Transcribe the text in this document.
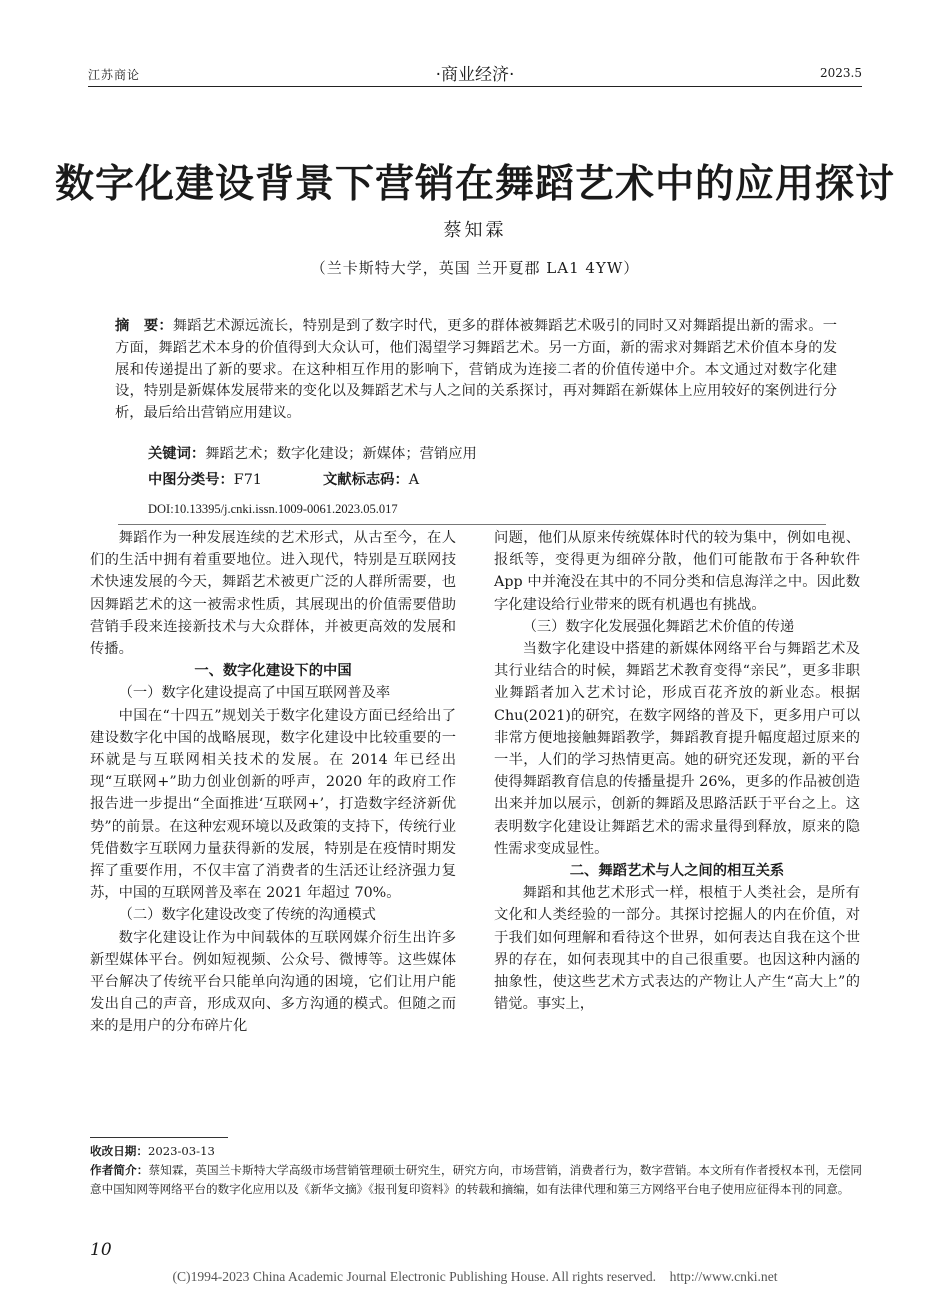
江苏商论	·商业经济·	2023.5
数字化建设背景下营销在舞蹈艺术中的应用探讨
蔡知霖
（兰卡斯特大学，英国 兰开夏郡 LA1 4YW）
摘　要：舞蹈艺术源远流长，特别是到了数字时代，更多的群体被舞蹈艺术吸引的同时又对舞蹈提出新的需求。一方面，舞蹈艺术本身的价值得到大众认可，他们渴望学习舞蹈艺术。另一方面，新的需求对舞蹈艺术价值本身的发展和传递提出了新的要求。在这种相互作用的影响下，营销成为连接二者的价值传递中介。本文通过对数字化建设，特别是新媒体发展带来的变化以及舞蹈艺术与人之间的关系探讨，再对舞蹈在新媒体上应用较好的案例进行分析，最后给出营销应用建议。
关键词：舞蹈艺术；数字化建设；新媒体；营销应用
中图分类号：F71	文献标志码：A
DOI:10.13395/j.cnki.issn.1009-0061.2023.05.017

舞蹈作为一种发展连续的艺术形式，从古至今，在人们的生活中拥有着重要地位。进入现代，特别是互联网技术快速发展的今天，舞蹈艺术被更广泛的人群所需要，也因舞蹈艺术的这一被需求性质，其展现出的价值需要借助营销手段来连接新技术与大众群体，并被更高效的发展和传播。

一、数字化建设下的中国
（一）数字化建设提高了中国互联网普及率

中国在“十四五”规划关于数字化建设方面已经给出了建设数字化中国的战略展现，数字化建设中比较重要的一环就是与互联网相关技术的发展。在 2014 年已经出现“互联网+”助力创业创新的呼声，2020 年的政府工作报告进一步提出“全面推进‘互联网+’，打造数字经济新优势”的前景。在这种宏观环境以及政策的支持下，传统行业凭借数字互联网力量获得新的发展，特别是在疫情时期发挥了重要作用，不仅丰富了消费者的生活还让经济强力复苏，中国的互联网普及率在 2021 年超过 70%。

（二）数字化建设改变了传统的沟通模式

数字化建设让作为中间载体的互联网媒介衍生出许多新型媒体平台。例如短视频、公众号、微博等。这些媒体平台解决了传统平台只能单向沟通的困境，它们让用户能发出自己的声音，形成双向、多方沟通的模式。但随之而来的是用户的分布碎片化

问题，他们从原来传统媒体时代的较为集中，例如电视、报纸等，变得更为细碎分散，他们可能散布于各种软件 App 中并淹没在其中的不同分类和信息海洋之中。因此数字化建设给行业带来的既有机遇也有挑战。

（三）数字化发展强化舞蹈艺术价值的传递

当数字化建设中搭建的新媒体网络平台与舞蹈艺术及其行业结合的时候，舞蹈艺术教育变得“亲民”，更多非职业舞蹈者加入艺术讨论，形成百花齐放的新业态。根据 Chu(2021)的研究，在数字网络的普及下，更多用户可以非常方便地接触舞蹈教学，舞蹈教育提升幅度超过原来的一半，人们的学习热情更高。她的研究还发现，新的平台使得舞蹈教育信息的传播量提升 26%，更多的作品被创造出来并加以展示，创新的舞蹈及思路活跃于平台之上。这表明数字化建设让舞蹈艺术的需求量得到释放，原来的隐性需求变成显性。

二、舞蹈艺术与人之间的相互关系

舞蹈和其他艺术形式一样，根植于人类社会，是所有文化和人类经验的一部分。其探讨挖掘人的内在价值，对于我们如何理解和看待这个世界，如何表达自我在这个世界的存在，如何表现其中的自己很重要。也因这种内涵的抽象性，使这些艺术方式表达的产物让人产生“高大上”的错觉。事实上，

收改日期：2023-03-13
作者简介：蔡知霖，英国兰卡斯特大学高级市场营销管理硕士研究生，研究方向，市场营销，消费者行为，数字营销。本文所有作者授权本刊，无偿同意中国知网等网络平台的数字化应用以及《新华文摘》《报刊复印资料》的转载和摘编，如有法律代理和第三方网络平台电子使用应征得本刊的同意。
10
(C)1994-2023 China Academic Journal Electronic Publishing House. All rights reserved.　http://www.cnki.net
